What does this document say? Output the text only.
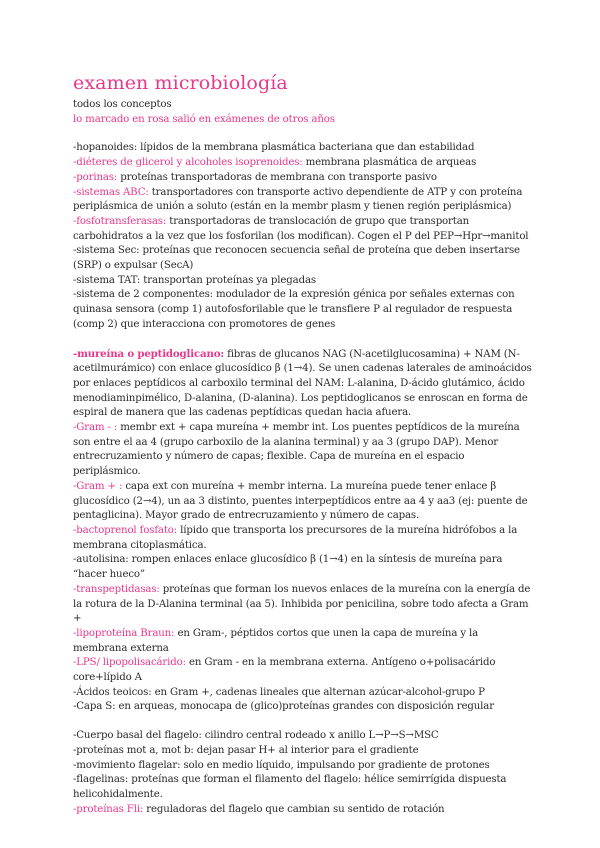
examen microbiología

todos los conceptos

lo marcado en rosa salió en exámenes de otros años

-hopanoides: lípidos de la membrana plasmática bacteriana que dan estabilidad

-diéteres de glicerol y alcoholes isoprenoides: membrana plasmática de arqueas

-porinas: proteínas transportadoras de membrana con transporte pasivo

-sistemas ABC: transportadores con transporte activo dependiente de ATP y con proteína periplásmica de unión a soluto (están en la membr plasm y tienen región periplásmica)

-fosfotransferasas: transportadoras de translocación de grupo que transportan carbohidratos a la vez que los fosforilan (los modifican). Cogen el P del PEP→Hpr→manitol

-sistema Sec: proteínas que reconocen secuencia señal de proteína que deben insertarse (SRP) o expulsar (SecA)

-sistema TAT: transportan proteínas ya plegadas

-sistema de 2 componentes: modulador de la expresión génica por señales externas con quinasa sensora (comp 1) autofosforilable que le transfiere P al regulador de respuesta (comp 2) que interacciona con promotores de genes

-mureína o peptidoglicano: fibras de glucanos NAG (N-acetilglucosamina) + NAM (N-acetilmurámico) con enlace glucosídico β (1→4). Se unen cadenas laterales de aminoácidos por enlaces peptídicos al carboxilo terminal del NAM: L-alanina, D-ácido glutámico, ácido menodiaminpimélico, D-alanina, (D-alanina). Los peptidoglicanos se enroscan en forma de espiral de manera que las cadenas peptídicas quedan hacia afuera.

-Gram - : membr ext + capa mureína + membr int. Los puentes peptídicos de la mureína son entre el aa 4 (grupo carboxilo de la alanina terminal) y aa 3 (grupo DAP). Menor entrecruzamiento y número de capas; flexible. Capa de mureína en el espacio periplásmico.

-Gram + : capa ext con mureína + membr interna. La mureína puede tener enlace β glucosídico (2→4), un aa 3 distinto, puentes interpeptídicos entre aa 4 y aa3 (ej: puente de pentaglicina). Mayor grado de entrecruzamiento y número de capas.

-bactoprenol fosfato: lípido que transporta los precursores de la mureína hidrófobos a la membrana citoplasmática.

-autolisina: rompen enlaces enlace glucosídico β (1→4) en la síntesis de mureína para “hacer hueco”

-transpeptidasas: proteínas que forman los nuevos enlaces de la mureína con la energía de la rotura de la D-Alanina terminal (aa 5). Inhibida por penicilina, sobre todo afecta a Gram +

-lipoproteína Braun: en Gram-, péptidos cortos que unen la capa de mureína y la membrana externa

-LPS/ lipopolisacárido: en Gram - en la membrana externa. Antígeno o+polisacárido core+lípido A

-Ácidos teoicos: en Gram +, cadenas lineales que alternan azúcar-alcohol-grupo P

-Capa S: en arqueas, monocapa de (glico)proteínas grandes con disposición regular

-Cuerpo basal del flagelo: cilindro central rodeado x anillo L→P→S→MSC

-proteínas mot a, mot b: dejan pasar H+ al interior para el gradiente

-movimiento flagelar: solo en medio líquido, impulsando por gradiente de protones

-flagelinas: proteínas que forman el filamento del flagelo: hélice semirrígida dispuesta helicohidalmente.

-proteínas Fli: reguladoras del flagelo que cambian su sentido de rotación
